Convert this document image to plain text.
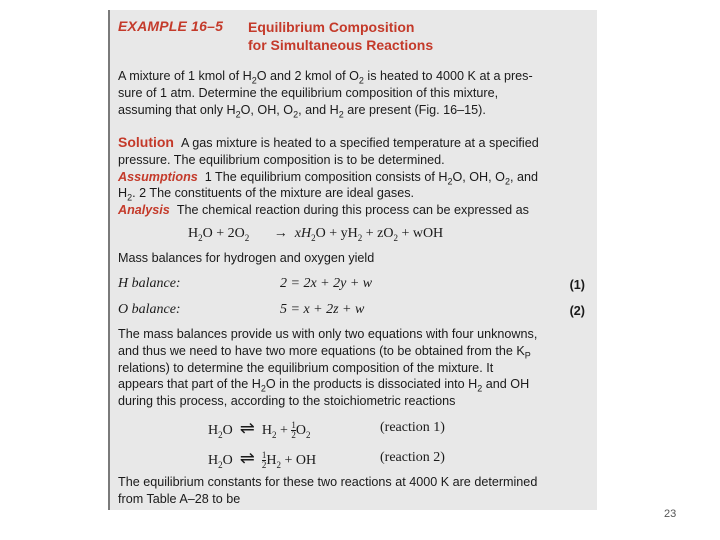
EXAMPLE 16–5 Equilibrium Composition
for Simultaneous Reactions
A mixture of 1 kmol of $H_2O$ and 2 kmol of $O_2$ is heated to 4000 K at a pres-
sure of 1 atm. Determine the equilibrium composition of this mixture,
assuming that only $H_2O$, OH, $O_2$, and $H_2$ are present (Fig. 16–15).
Solution A gas mixture is heated to a specified temperature at a specified
pressure. The equilibrium composition is to be determined.
Assumptions 1 The equilibrium composition consists of $H_2O$, OH, $O_2$, and
$H_2$. 2 The constituents of the mixture are ideal gases.
Analysis The chemical reaction during this process can be expressed as
$H_2O + 2O_2 \to xH_2O + yH_2 + zO_2$ + wOH
Mass balances for hydrogen and oxygen yield
H balance:	2 = 2x + 2y + w	(1)
O balance:	5 = x + 2z + w	(2)
The mass balances provide us with only two equations with four unknowns,
and thus we need to have two more equations (to be obtained from the $K_P$
relations) to determine the equilibrium composition of the mixture. It
appears that part of the $H_2O$ in the products is dissociated into $H_2$ and OH
during this process, according to the stoichiometric reactions
$H_2O$ ⇌ $H_2 + \frac{1}{2} O_2$	(reaction 1)
$H_2O$ ⇌ $\frac{1}{2} H_2$ + OH	(reaction 2)
The equilibrium constants for these two reactions at 4000 K are determined
from Table A–28 to be
23
